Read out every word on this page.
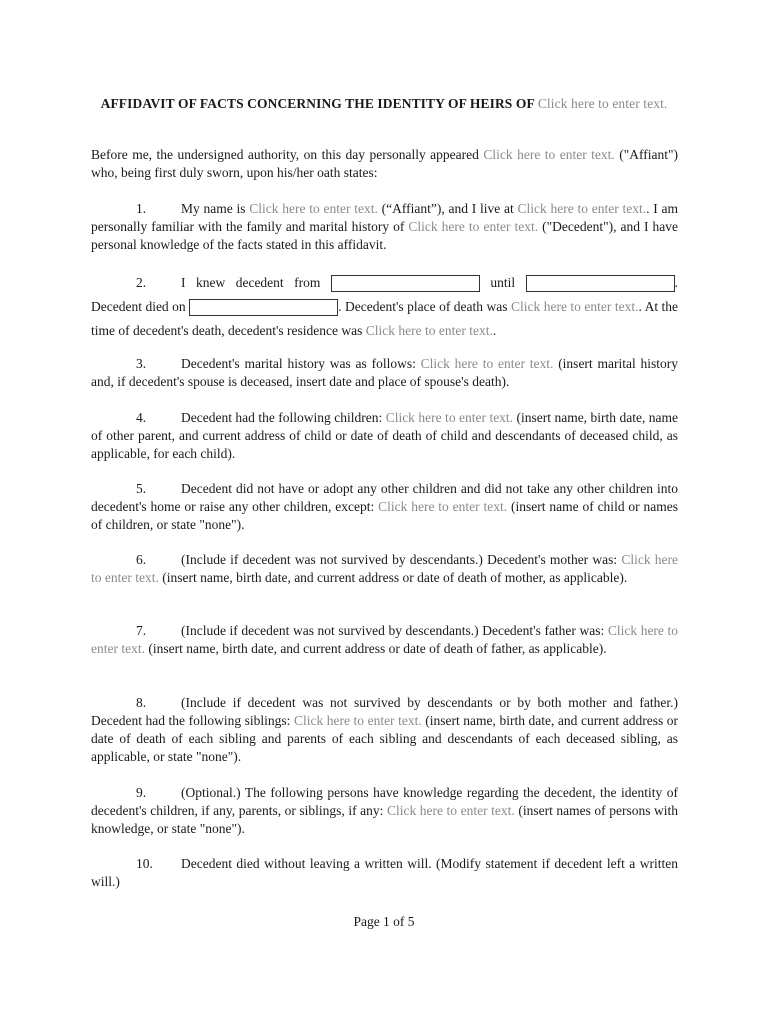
AFFIDAVIT OF FACTS CONCERNING THE IDENTITY OF HEIRS OF Click here to enter text.

Before me, the undersigned authority, on this day personally appeared Click here to enter text. ("Affiant") who, being first duly sworn, upon his/her oath states:

1.	My name is Click here to enter text. (“Affiant”), and I live at Click here to enter text.. I am personally familiar with the family and marital history of Click here to enter text. ("Decedent"), and I have personal knowledge of the facts stated in this affidavit.

2.	I knew decedent from	until	. Decedent died on	. Decedent's place of death was Click here to enter text.. At the time of decedent's death, decedent's residence was Click here to enter text..

3.	Decedent's marital history was as follows: Click here to enter text. (insert marital history and, if decedent's spouse is deceased, insert date and place of spouse's death).

4.	Decedent had the following children: Click here to enter text. (insert name, birth date, name of other parent, and current address of child or date of death of child and descendants of deceased child, as applicable, for each child).

5.	Decedent did not have or adopt any other children and did not take any other children into decedent's home or raise any other children, except: Click here to enter text. (insert name of child or names of children, or state "none").

6.	(Include if decedent was not survived by descendants.) Decedent's mother was: Click here to enter text. (insert name, birth date, and current address or date of death of mother, as applicable).

7.	(Include if decedent was not survived by descendants.) Decedent's father was: Click here to enter text. (insert name, birth date, and current address or date of death of father, as applicable).

8.	(Include if decedent was not survived by descendants or by both mother and father.) Decedent had the following siblings: Click here to enter text. (insert name, birth date, and current address or date of death of each sibling and parents of each sibling and descendants of each deceased sibling, as applicable, or state "none").

9.	(Optional.) The following persons have knowledge regarding the decedent, the identity of decedent's children, if any, parents, or siblings, if any: Click here to enter text. (insert names of persons with knowledge, or state "none").

10. Decedent died without leaving a written will. (Modify statement if decedent left a written will.)

Page 1 of 5
